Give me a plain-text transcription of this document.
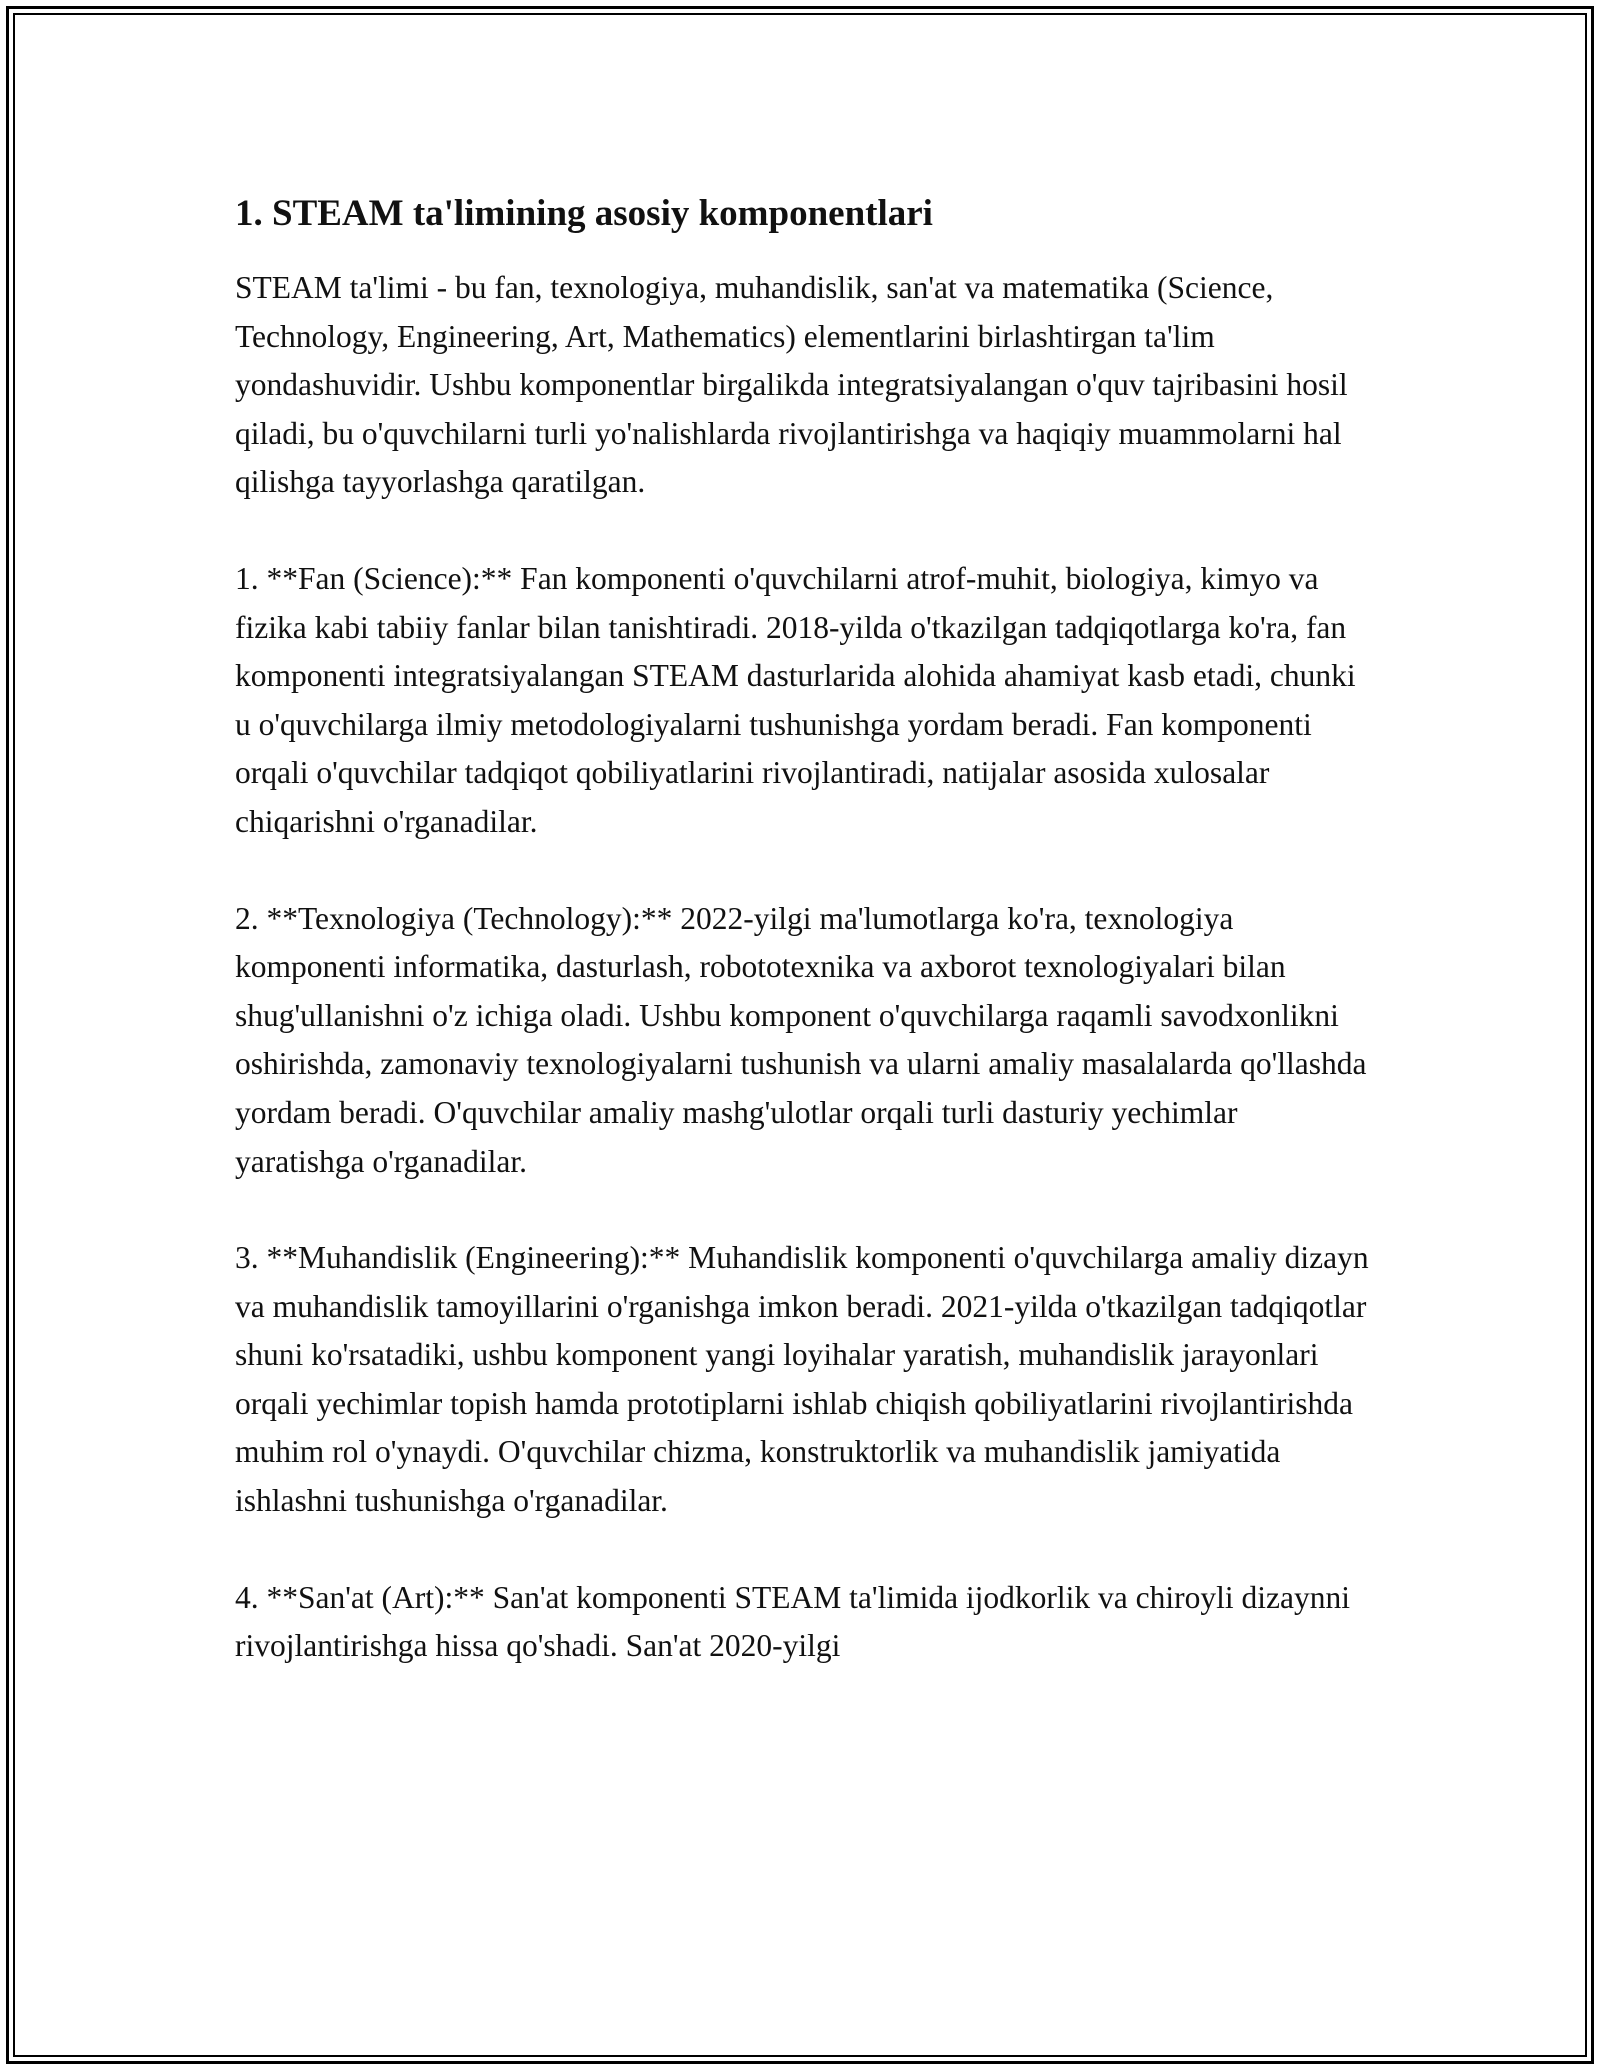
1. STEAM ta'limining asosiy komponentlari

STEAM ta'limi - bu fan, texnologiya, muhandislik, san'at va matematika (Science, Technology, Engineering, Art, Mathematics) elementlarini birlashtirgan ta'lim yondashuvidir. Ushbu komponentlar birgalikda integratsiyalangan o'quv tajribasini hosil qiladi, bu o'quvchilarni turli yo'nalishlarda rivojlantirishga va haqiqiy muammolarni hal qilishga tayyorlashga qaratilgan.

1. **Fan (Science):** Fan komponenti o'quvchilarni atrof-muhit, biologiya, kimyo va fizika kabi tabiiy fanlar bilan tanishtiradi. 2018-yilda o'tkazilgan tadqiqotlarga ko'ra, fan komponenti integratsiyalangan STEAM dasturlarida alohida ahamiyat kasb etadi, chunki u o'quvchilarga ilmiy metodologiyalarni tushunishga yordam beradi. Fan komponenti orqali o'quvchilar tadqiqot qobiliyatlarini rivojlantiradi, natijalar asosida xulosalar chiqarishni o'rganadilar.

2. **Texnologiya (Technology):** 2022-yilgi ma'lumotlarga ko'ra, texnologiya komponenti informatika, dasturlash, robototexnika va axborot texnologiyalari bilan shug'ullanishni o'z ichiga oladi. Ushbu komponent o'quvchilarga raqamli savodxonlikni oshirishda, zamonaviy texnologiyalarni tushunish va ularni amaliy masalalarda qo'llashda yordam beradi. O'quvchilar amaliy mashg'ulotlar orqali turli dasturiy yechimlar yaratishga o'rganadilar.

3. **Muhandislik (Engineering):** Muhandislik komponenti o'quvchilarga amaliy dizayn va muhandislik tamoyillarini o'rganishga imkon beradi. 2021-yilda o'tkazilgan tadqiqotlar shuni ko'rsatadiki, ushbu komponent yangi loyihalar yaratish, muhandislik jarayonlari orqali yechimlar topish hamda prototiplarni ishlab chiqish qobiliyatlarini rivojlantirishda muhim rol o'ynaydi. O'quvchilar chizma, konstruktorlik va muhandislik jamiyatida ishlashni tushunishga o'rganadilar.

4. **San'at (Art):** San'at komponenti STEAM ta'limida ijodkorlik va chiroyli dizaynni rivojlantirishga hissa qo'shadi. San'at 2020-yilgi
